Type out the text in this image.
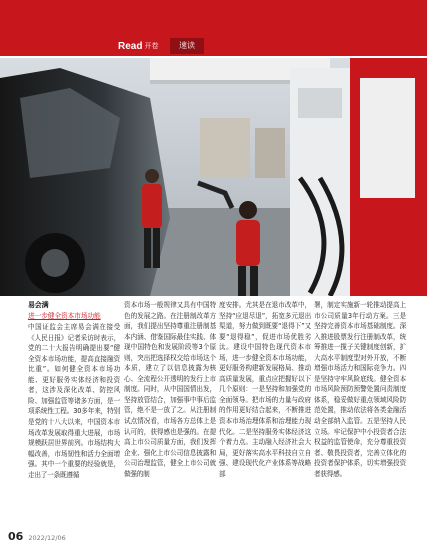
Read 开卷	速读
易会满
进一步健全资本市场功能
中国证监会主席易会满在接受《人民日报》记者采访时表示，党的二十大报告明确提出要“健全资本市场功能，提高直接融资比重”。如何健全资本市场功能、更好服务实体经济和投资者，这涉及深化改革、防控风险、加强监管等诸多方面，是一项系统性工程。30多年来，特别是党的十八大以来，中国资本市场改革发展取得重大进展，市场规模跃居世界前列。市场结构大幅改善，市场韧性和活力全面增强。其中一个重要的经验就是，走出了一条既遵循
资本市场一般规律又具有中国特色的发展之路。在注册制改革方面，我们提出坚持尊重注册制基本内涵、借鉴国际最佳实践、体现中国特色和发展阶段等3个原则，突出把选择权交给市场这个本质，建立了以信息披露为核心、全流程公开透明的发行上市制度。同时，从中国国情出发，坚持放管结合，加强事中事后监管，绝不是一放了之。从注册制试点情况看，市场各方总体上是认可的，获得感也是强的。在提高上市公司质量方面，我们发挥企业、强化上市公司信息披露和公司治理监管，健全上市公司就做强的制
度安排。尤其是在退市改革中，坚持“应退尽退”，拓宽多元退出渠道，努力做到既要“退得下”又要“退得稳”，促进市场优胜劣汰。建设中国特色现代资本市场，进一步健全资本市场功能，更好服务构建新发展格局、推动高质量发展，重点应把握好以下几个原则：一是坚持和加强党的全面领导。把市场的力量与政府的作用更好结合起来，不断推进资本市场治理体系和治理能力现代化。二是坚持服务实体经济这个着力点。主动融入经济社会大局，更好落实高水平科技自立自强、建设现代化产业体系等战略部
署，制定实施新一轮推动提高上市公司质量3年行动方案。三是坚持完善资本市场基础制度。深入推进股票发行注册制改革，统筹推进一揽子关键制度创新，扩大高水平制度型对外开放，不断增强市场活力和国际竞争力。四是坚持守牢风险底线。健全资本市场风险预防预警处置问责制度体系，稳妥做好重点领域风险防范处置，推动依法将各类金融活动全部纳入监管。五是坚持人民立场。牢记保护中小投资者合法权益的监管使命，充分尊重投资者、敬畏投资者，完善立体化的投资者保护体系，切实增强投资者获得感。
06 2022/12/06
